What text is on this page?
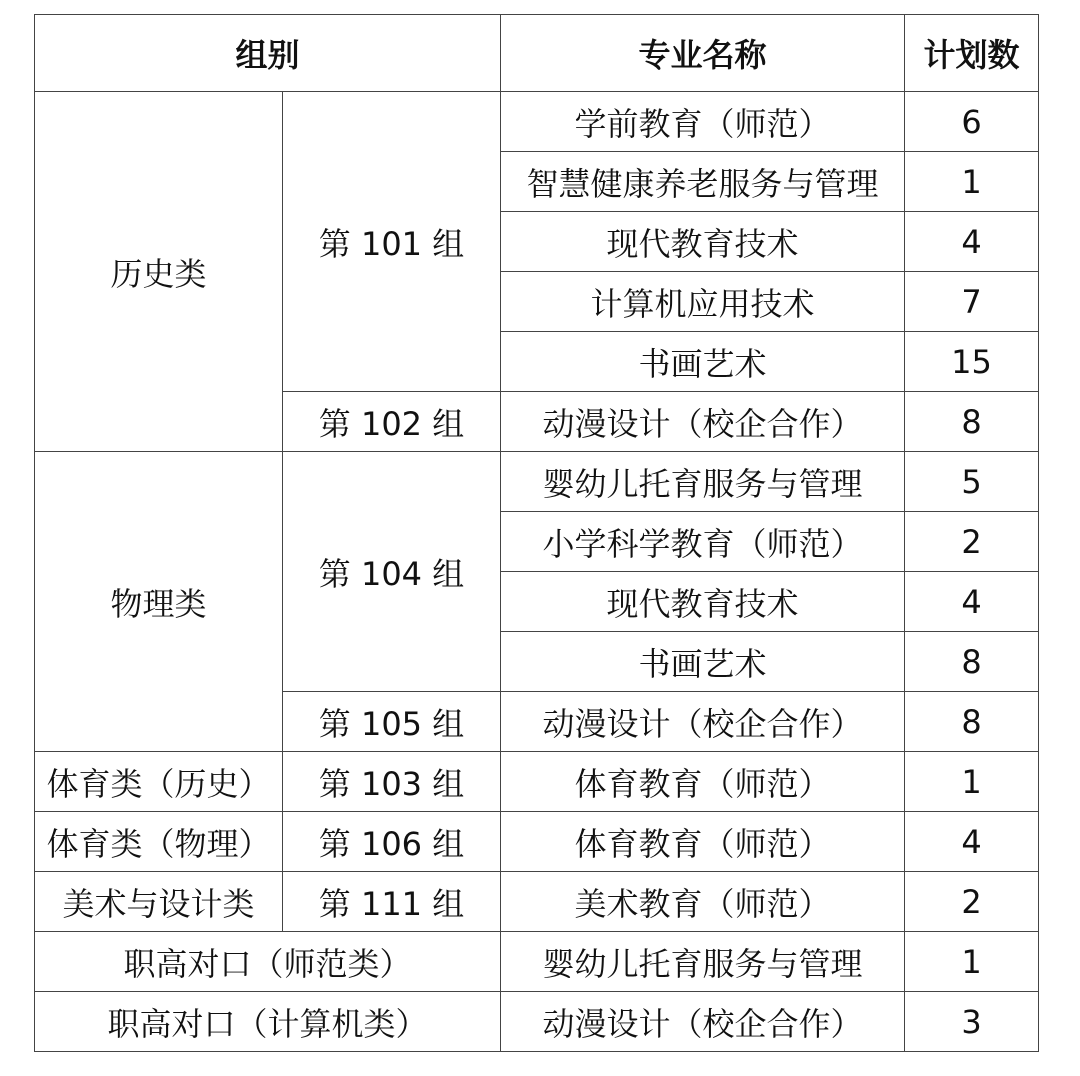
组别		专业名称	计划数
历史类	第 101 组	学前教育（师范）	6
		智慧健康养老服务与管理	1
		现代教育技术	4
		计算机应用技术	7
		书画艺术	15
	第 102 组	动漫设计（校企合作）	8
物理类	第 104 组	婴幼儿托育服务与管理	5
		小学科学教育（师范）	2
		现代教育技术	4
		书画艺术	8
	第 105 组	动漫设计（校企合作）	8
体育类（历史）	第 103 组	体育教育（师范）	1
体育类（物理）	第 106 组	体育教育（师范）	4
美术与设计类	第 111 组	美术教育（师范）	2
职高对口（师范类）		婴幼儿托育服务与管理	1
职高对口（计算机类）		动漫设计（校企合作）	3
